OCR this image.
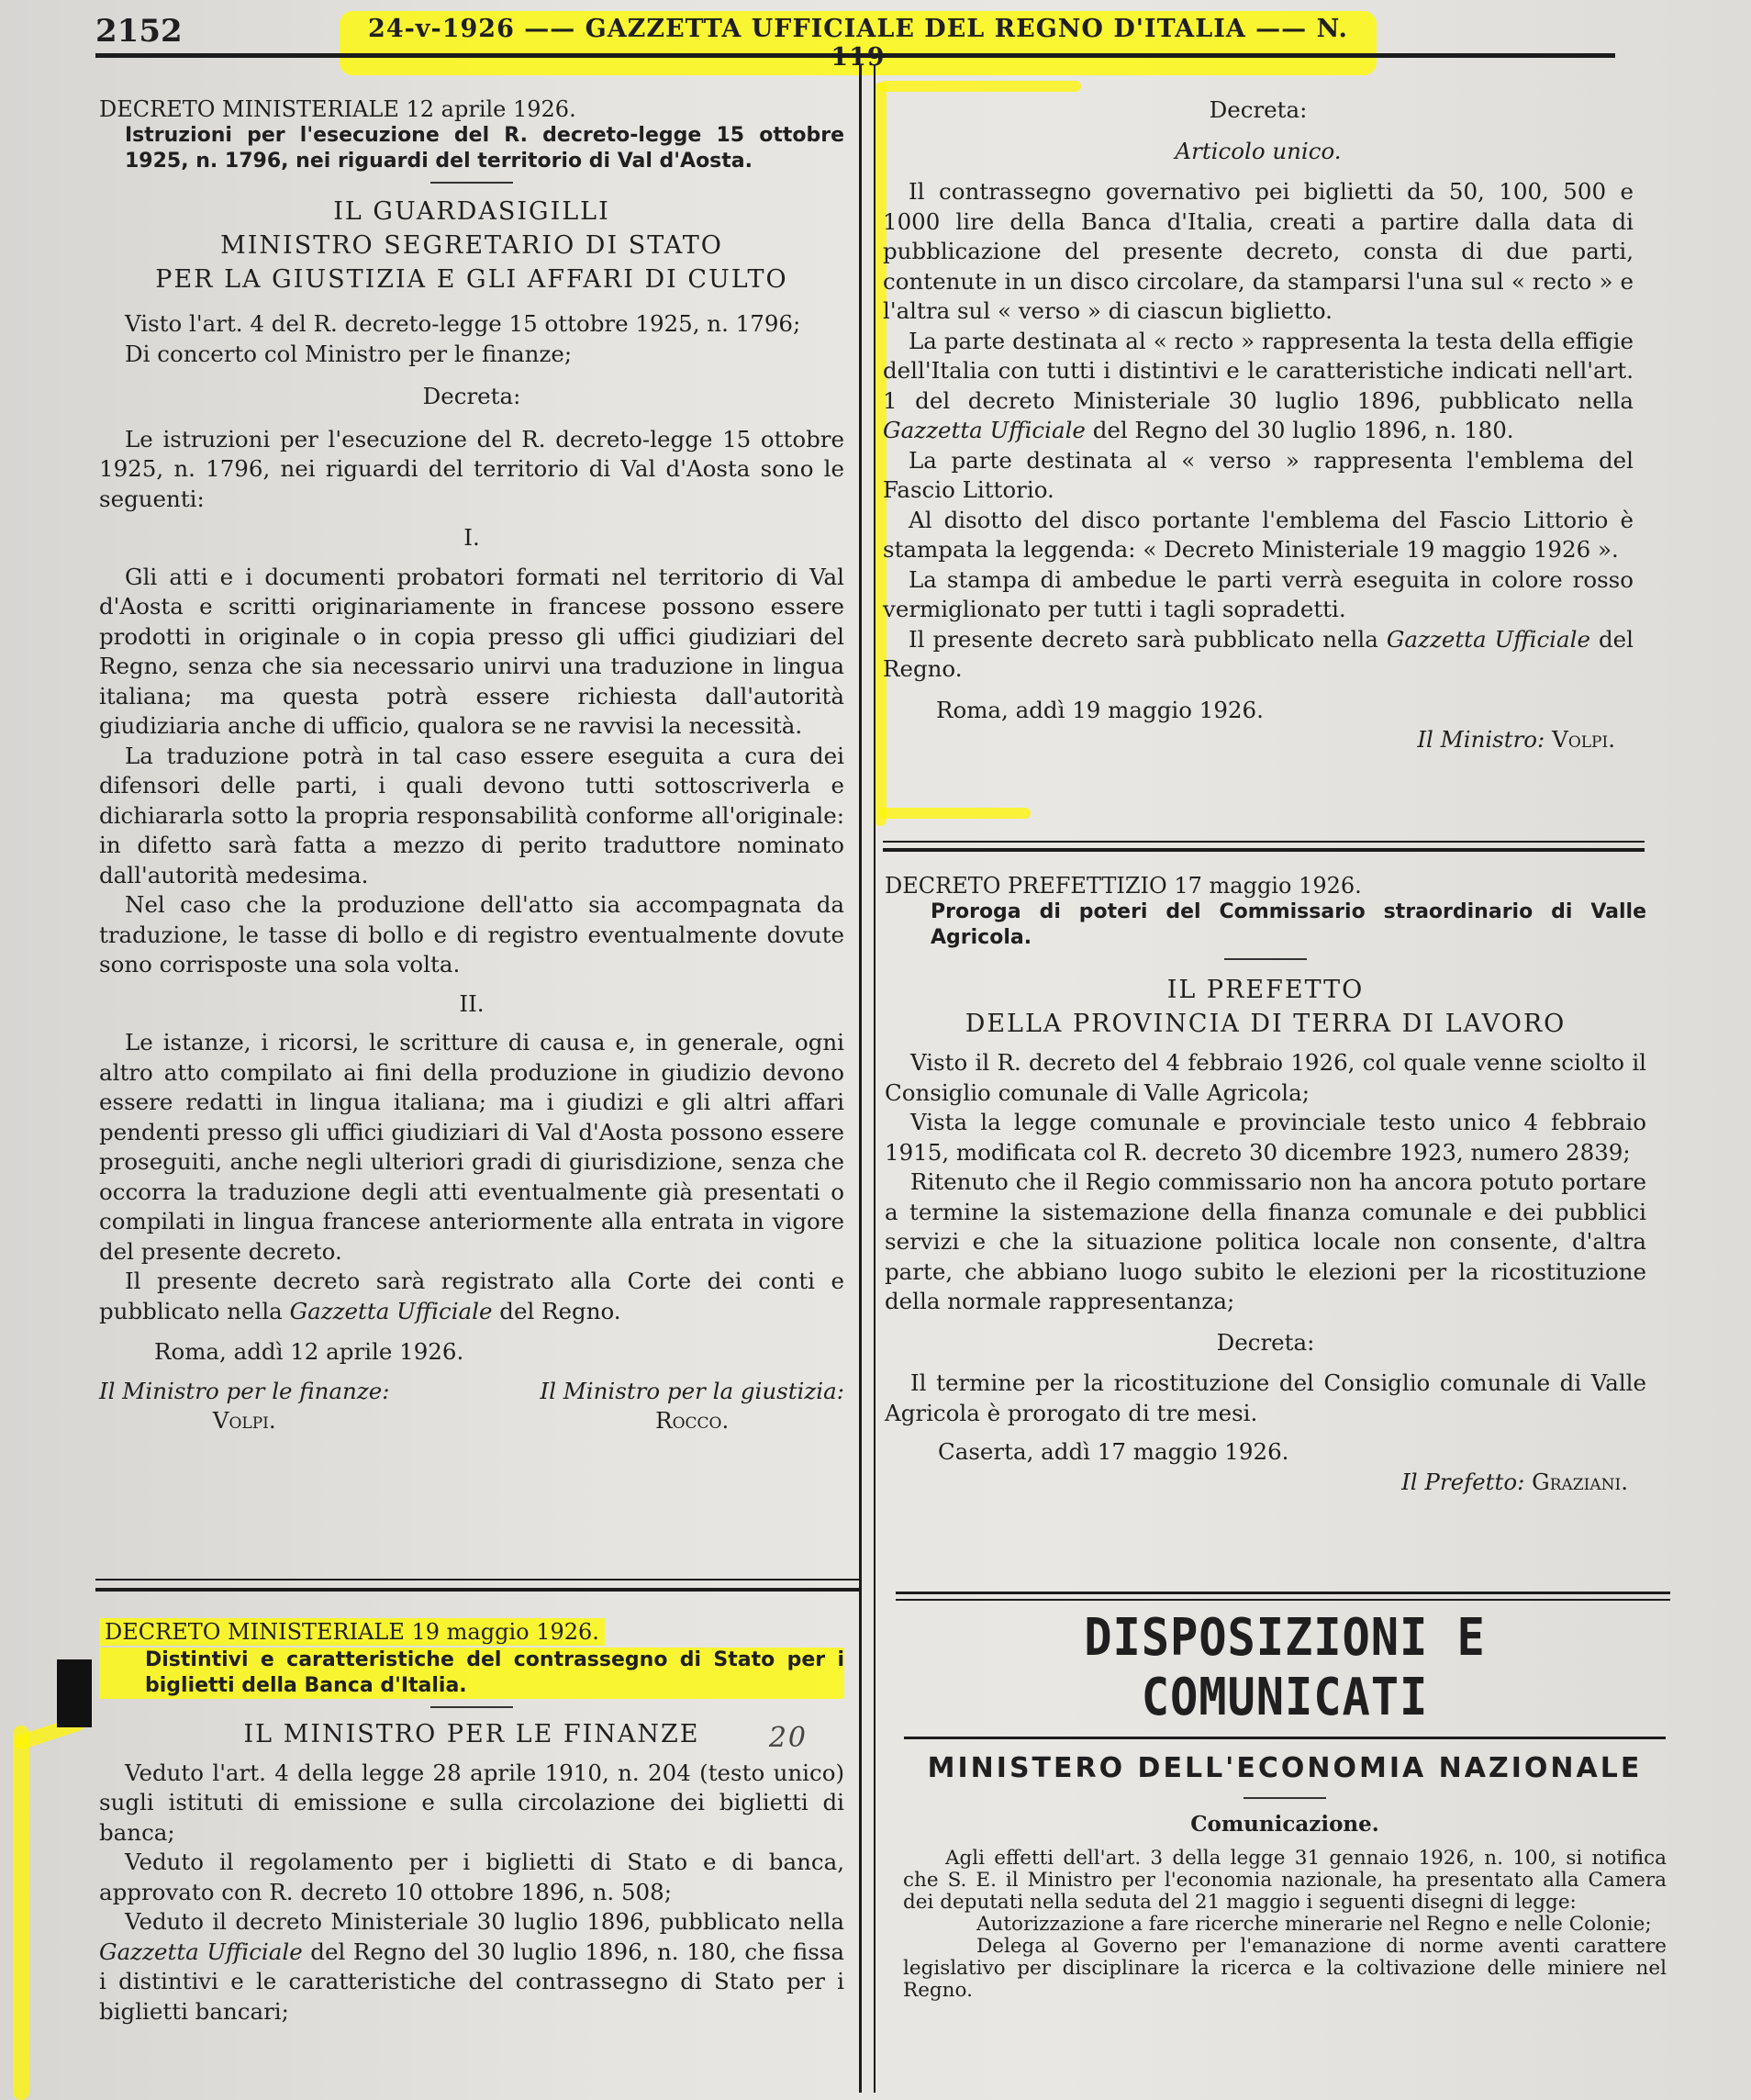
2152	24-v-1926 —— GAZZETTA UFFICIALE DEL REGNO D'ITALIA —— N.
DECRETO MINISTERIALE 12 aprile 1926.
Istruzioni per l'esecuzione del R. decreto-legge 15 ottobre 1925, n. 1796, nei riguardi del territorio di Val d'Aosta.
IL GUARDASIGILLI
MINISTRO SEGRETARIO DI STATO
PER LA GIUSTIZIA E GLI AFFARI DI CULTO

Visto l'art. 4 del R. decreto-legge 15 ottobre 1925, n. 1796;

Di concerto col Ministro per le finanze;

Decreta:

Le istruzioni per l'esecuzione del R. decreto-legge 15 ottobre 1925, n. 1796, nei riguardi del territorio di Val d'Aosta sono le seguenti:

I.

Gli atti e i documenti probatori formati nel territorio di Val d'Aosta e scritti originariamente in francese possono essere prodotti in originale o in copia presso gli uffici giudiziari del Regno, senza che sia necessario unirvi una traduzione in lingua italiana; ma questa potrà essere richiesta dall'autorità giudiziaria anche di ufficio, qualora se ne ravvisi la necessità.

La traduzione potrà in tal caso essere eseguita a cura dei difensori delle parti, i quali devono tutti sottoscriverla e dichiararla sotto la propria responsabilità conforme all'originale: in difetto sarà fatta a mezzo di perito traduttore nominato dall'autorità medesima.

Nel caso che la produzione dell'atto sia accompagnata da traduzione, le tasse di bollo e di registro eventualmente dovute sono corrisposte una sola volta.

II.

Le istanze, i ricorsi, le scritture di causa e, in generale, ogni altro atto compilato ai fini della produzione in giudizio devono essere redatti in lingua italiana; ma i giudizi e gli altri affari pendenti presso gli uffici giudiziari di Val d'Aosta possono essere proseguiti, anche negli ulteriori gradi di giurisdizione, senza che occorra la traduzione degli atti eventualmente già presentati o compilati in lingua francese anteriormente alla entrata in vigore del presente decreto.

Il presente decreto sarà registrato alla Corte dei conti e pubblicato nella Gazzetta Ufficiale del Regno.

Roma, addì 12 aprile 1926.

Il Ministro per le finanze:
Volpi.
Il Ministro per la giustizia:
Rocco.
DECRETO MINISTERIALE 19 maggio 1926.
Distintivi e caratteristiche del contrassegno di Stato per i biglietti della Banca d'Italia.
IL MINISTRO PER LE FINANZE	20

Veduto l'art. 4 della legge 28 aprile 1910, n. 204 (testo unico) sugli istituti di emissione e sulla circolazione dei biglietti di banca;

Veduto il regolamento per i biglietti di Stato e di banca, approvato con R. decreto 10 ottobre 1896, n. 508;

Veduto il decreto Ministeriale 30 luglio 1896, pubblicato nella Gazzetta Ufficiale del Regno del 30 luglio 1896, n. 180, che fissa i distintivi e le caratteristiche del contrassegno di Stato per i biglietti bancari;

Decreta:

Articolo unico.

Il contrassegno governativo pei biglietti da 50, 100, 500 e 1000 lire della Banca d'Italia, creati a partire dalla data di pubblicazione del presente decreto, consta di due parti, contenute in un disco circolare, da stamparsi l'una sul « recto » e l'altra sul « verso » di ciascun biglietto.

La parte destinata al « recto » rappresenta la testa della effigie dell'Italia con tutti i distintivi e le caratteristiche indicati nell'art. 1 del decreto Ministeriale 30 luglio 1896, pubblicato nella Gazzetta Ufficiale del Regno del 30 luglio 1896, n. 180.

La parte destinata al « verso » rappresenta l'emblema del Fascio Littorio.

Al disotto del disco portante l'emblema del Fascio Littorio è stampata la leggenda: « Decreto Ministeriale 19 maggio 1926 ».

La stampa di ambedue le parti verrà eseguita in colore rosso vermiglionato per tutti i tagli sopradetti.

Il presente decreto sarà pubblicato nella Gazzetta Ufficiale del Regno.

Roma, addì 19 maggio 1926.

Il Ministro: Volpi.
DECRETO PREFETTIZIO 17 maggio 1926.
Proroga di poteri del Commissario straordinario di Valle Agricola.
IL PREFETTO
DELLA PROVINCIA DI TERRA DI LAVORO

Visto il R. decreto del 4 febbraio 1926, col quale venne sciolto il Consiglio comunale di Valle Agricola;

Vista la legge comunale e provinciale testo unico 4 febbraio 1915, modificata col R. decreto 30 dicembre 1923, numero 2839;

Ritenuto che il Regio commissario non ha ancora potuto portare a termine la sistemazione della finanza comunale e dei pubblici servizi e che la situazione politica locale non consente, d'altra parte, che abbiano luogo subito le elezioni per la ricostituzione della normale rappresentanza;

Decreta:

Il termine per la ricostituzione del Consiglio comunale di Valle Agricola è prorogato di tre mesi.

Caserta, addì 17 maggio 1926.

Il Prefetto: Graziani.
DISPOSIZIONI E COMUNICATI
MINISTERO DELL'ECONOMIA NAZIONALE
Comunicazione.

Agli effetti dell'art. 3 della legge 31 gennaio 1926, n. 100, si notifica che S. E. il Ministro per l'economia nazionale, ha presentato alla Camera dei deputati nella seduta del 21 maggio i seguenti disegni di legge:

Autorizzazione a fare ricerche minerarie nel Regno e nelle Colonie;

Delega al Governo per l'emanazione di norme aventi carattere legislativo per disciplinare la ricerca e la coltivazione delle miniere nel Regno.
